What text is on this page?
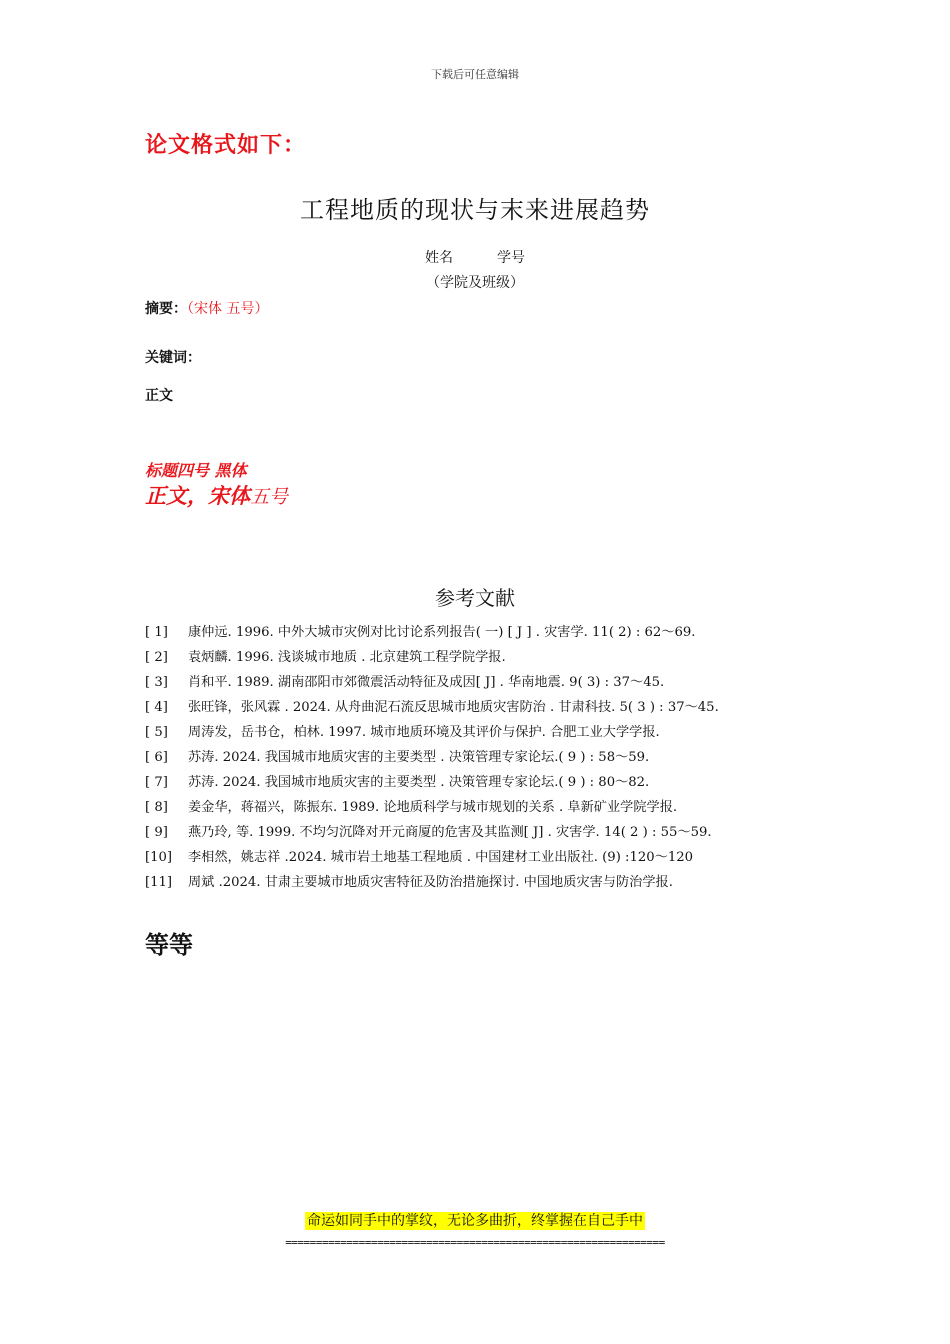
下载后可任意编辑
论文格式如下：
工程地质的现状与末来进展趋势
姓名	学号
（学院及班级）
摘要：（宋体 五号）
关键词：
正文
标题四号 黑体
正文，宋体五号
参考文献
[ 1]	康仲远. 1996. 中外大城市灾例对比讨论系列报告( 一) [ J ] . 灾害学. 11( 2) : 62～69.
[ 2]	袁炳麟. 1996. 浅谈城市地质 . 北京建筑工程学院学报.
[ 3]	肖和平. 1989. 湖南邵阳市郊微震活动特征及成因[ J] . 华南地震. 9( 3) : 37～45.
[ 4] 张旺锋，张风霖 . 2024. 从舟曲泥石流反思城市地质灾害防治 . 甘肃科技. 5( 3 ) : 37～45.
[ 5]	周涛发，岳书仓，柏林. 1997. 城市地质环境及其评价与保护. 合肥工业大学学报.
[ 6]	苏涛. 2024. 我国城市地质灾害的主要类型 . 决策管理专家论坛.( 9 ) : 58～59.
[ 7]	苏涛. 2024. 我国城市地质灾害的主要类型 . 决策管理专家论坛.( 9 ) : 80～82.
[ 8]	姜金华，蒋福兴，陈振东. 1989. 论地质科学与城市规划的关系 . 阜新矿业学院学报.
[ 9]	燕乃玲, 等. 1999. 不均匀沉降对开元商厦的危害及其监测[ J] . 灾害学. 14( 2 ) : 55～59.
[10]	李相然，姚志祥 .2024. 城市岩土地基工程地质 . 中国建材工业出版社. (9) :120～120
[11]	周斌 .2024. 甘肃主要城市地质灾害特征及防治措施探讨. 中国地质灾害与防治学报.
等等
命运如同手中的掌纹，无论多曲折，终掌握在自己手中
==============================================================
